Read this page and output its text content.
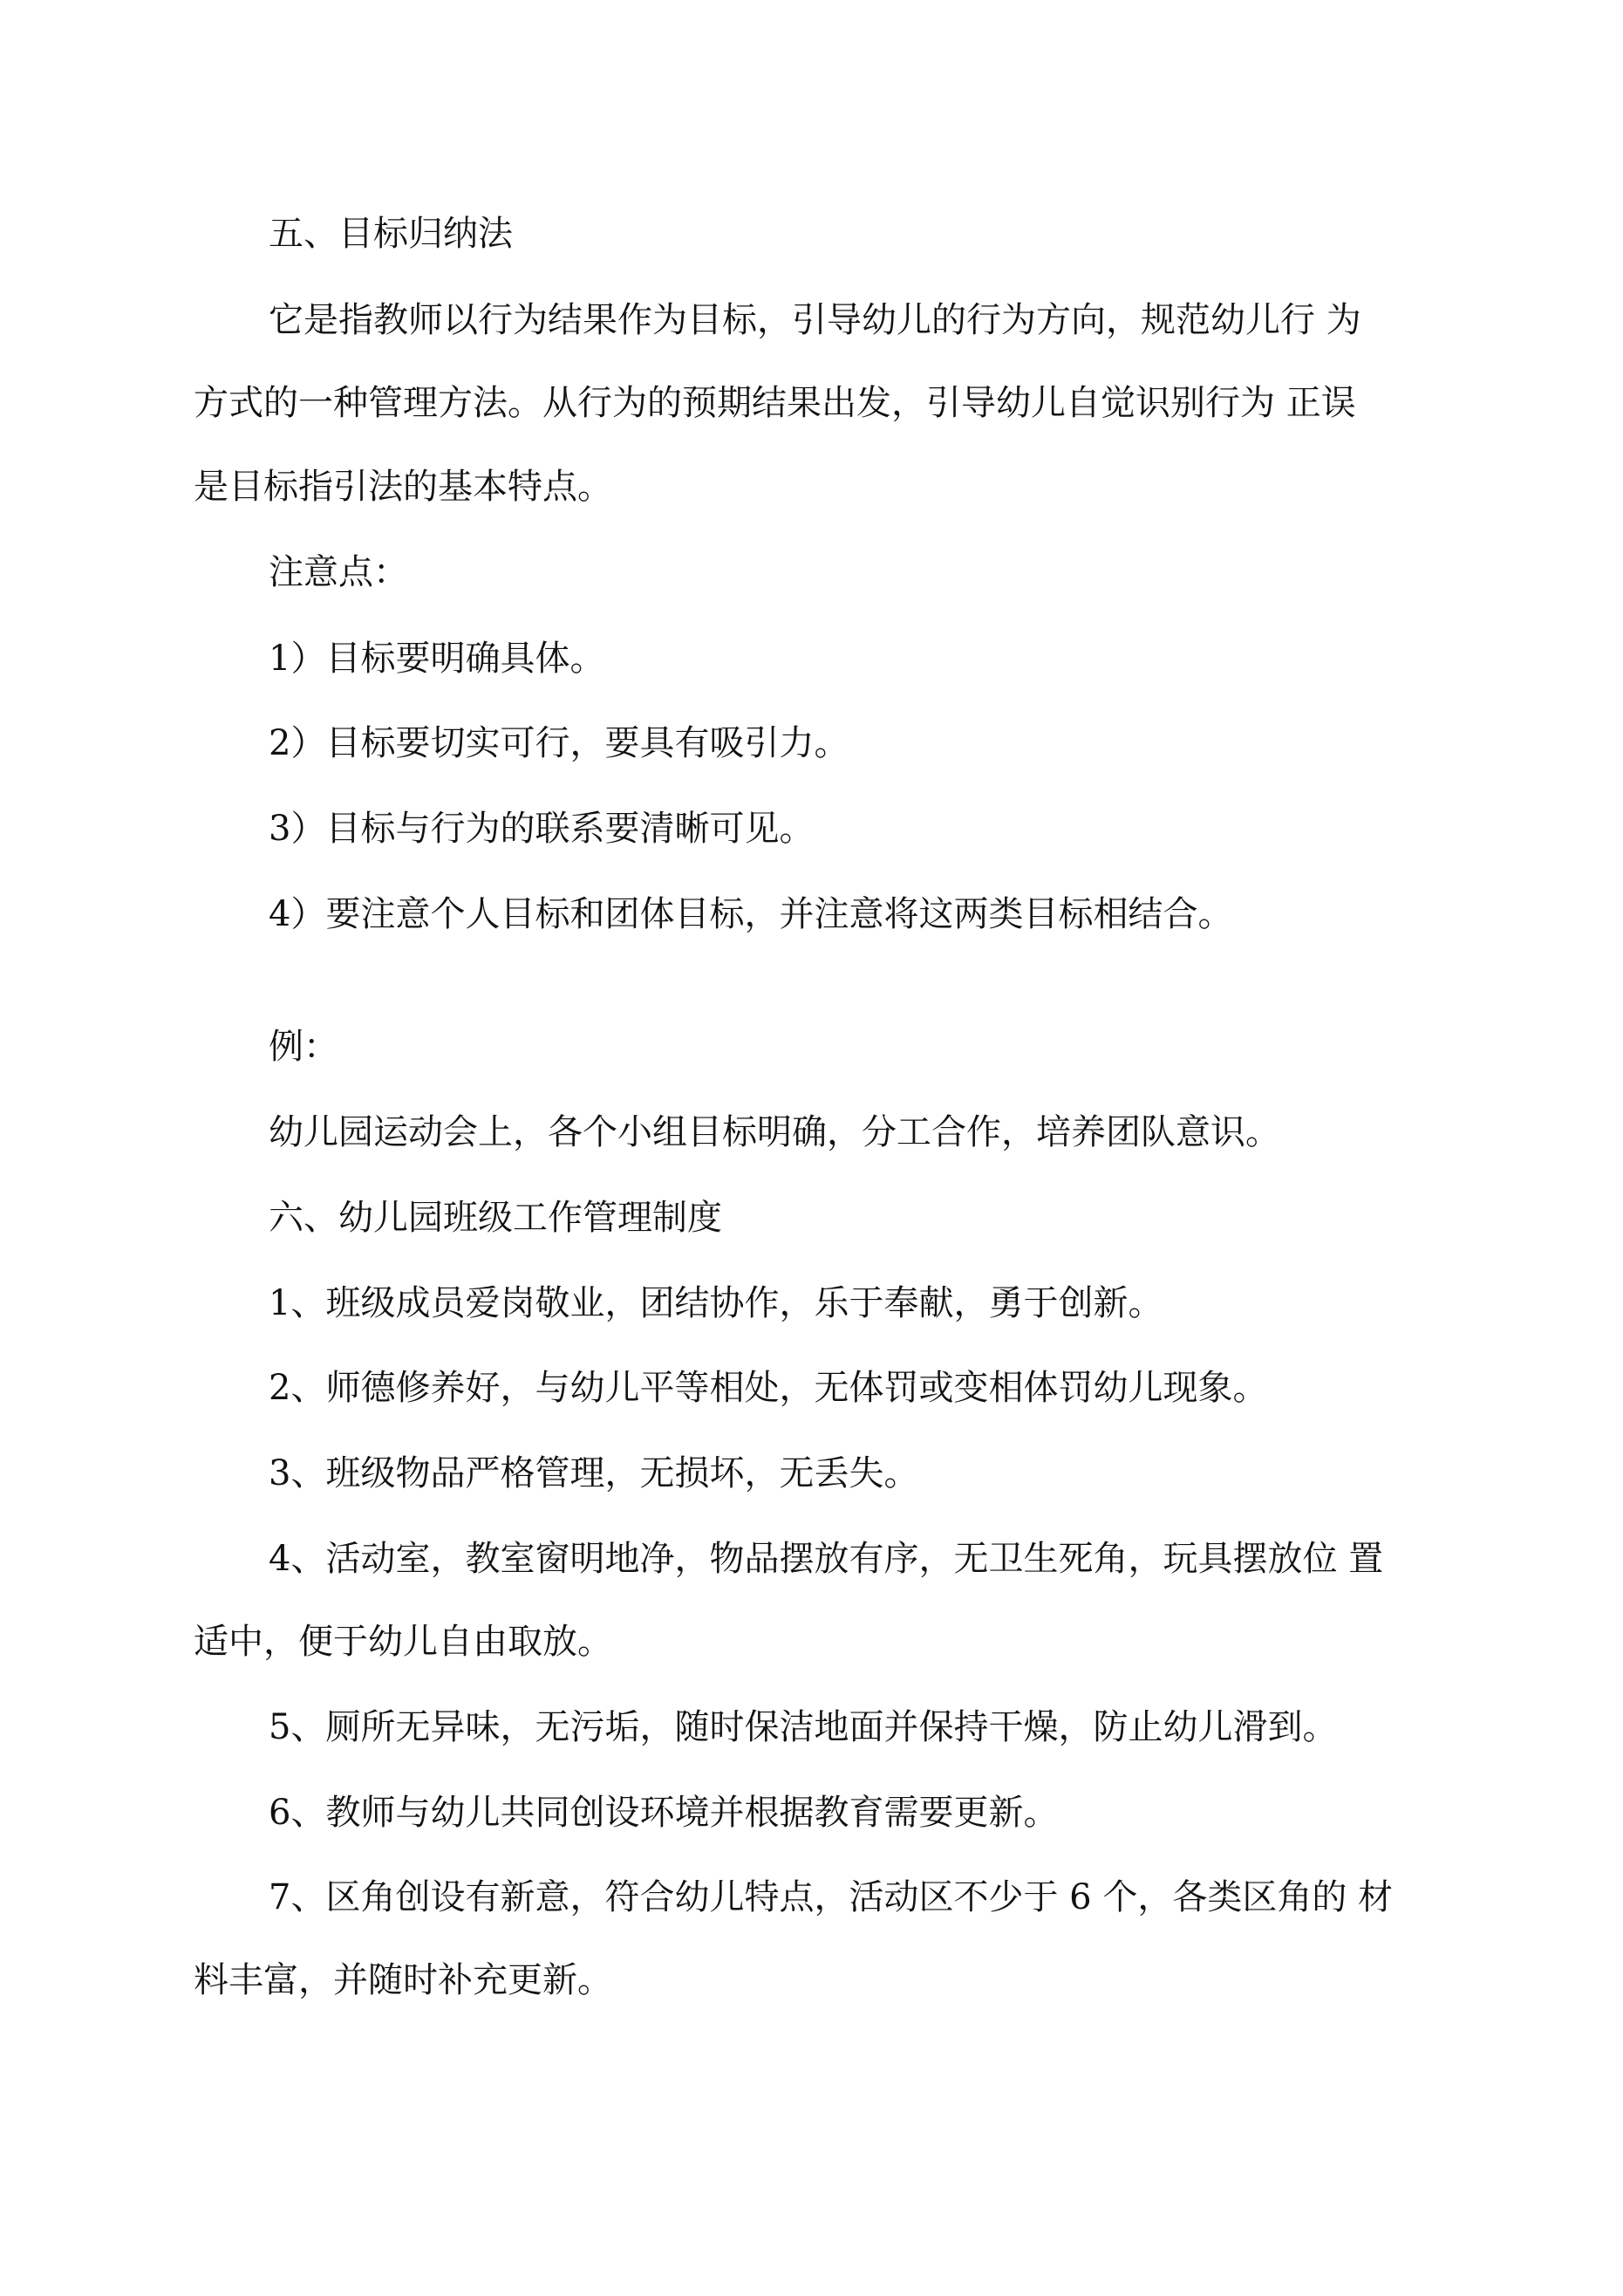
五、目标归纳法
它是指教师以行为结果作为目标，引导幼儿的行为方向，规范幼儿行 为
方式的一种管理方法。从行为的预期结果出发，引导幼儿自觉识别行为 正误
是目标指引法的基本特点。
注意点：
1）目标要明确具体。
2）目标要切实可行，要具有吸引力。
3）目标与行为的联系要清晰可见。
4）要注意个人目标和团体目标，并注意将这两类目标相结合。
例：
幼儿园运动会上，各个小组目标明确，分工合作，培养团队意识。
六、幼儿园班级工作管理制度
1、班级成员爱岗敬业，团结协作，乐于奉献，勇于创新。
2、师德修养好，与幼儿平等相处，无体罚或变相体罚幼儿现象。
3、班级物品严格管理，无损坏，无丢失。
4、活动室，教室窗明地净，物品摆放有序，无卫生死角，玩具摆放位 置
适中，便于幼儿自由取放。
5、厕所无异味，无污垢，随时保洁地面并保持干燥，防止幼儿滑到。
6、教师与幼儿共同创设环境并根据教育需要更新。
7、区角创设有新意，符合幼儿特点，活动区不少于 6 个，各类区角的 材
料丰富，并随时补充更新。
